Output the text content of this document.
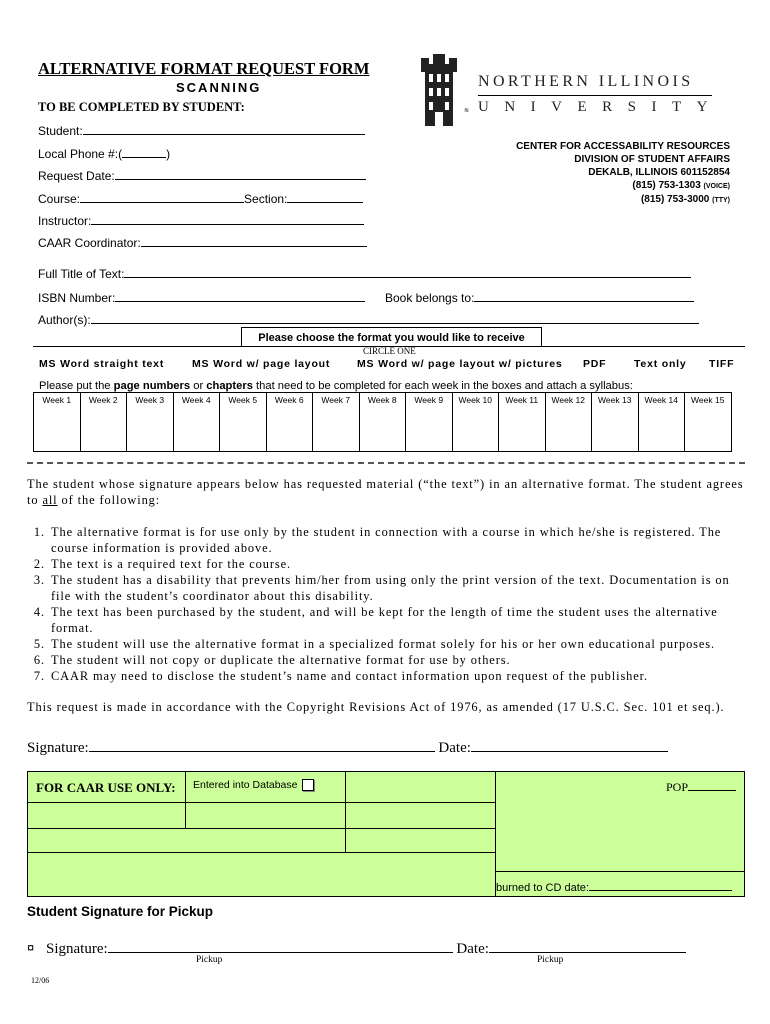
ALTERNATIVE FORMAT REQUEST FORM
SCANNING
TO BE COMPLETED BY STUDENT:	≋
NORTHERN ILLINOIS
UNIVERSITY
Student:
Local Phone #:(	)
Request Date:
Course:	Section:
Instructor:
CAAR Coordinator:
CENTER FOR ACCESSABILITY RESOURCES
DIVISION OF STUDENT AFFAIRS
DEKALB, ILLINOIS 601152854
(815) 753-1303 (VOICE)
(815) 753-3000 (TTY)
Full Title of Text:
ISBN Number:	Book belongs to:
Author(s):
Please choose the format you would like to receive
CIRCLE ONE
MS Word straight text	MS Word w/ page layout	MS Word w/ page layout w/ pictures PDF	Text only TIFF
Please put the page numbers or chapters that need to be completed for each week in the boxes and attach a syllabus:
Week 1	Week 2	Week 3	Week 4	Week 5	Week 6	Week 7	Week 8	Week 9	Week 10	Week 11	Week 12	Week 13	Week 14	Week 15
The student whose signature appears below has requested material (“the text”) in an alternative format. The student agrees to all of the following:
1. The alternative format is for use only by the student in connection with a course in which he/she is registered. The course information is provided above.
2. The text is a required text for the course.
3. The student has a disability that prevents him/her from using only the print version of the text. Documentation is on file with the student’s coordinator about this disability.
4. The text has been purchased by the student, and will be kept for the length of time the student uses the alternative format.
5. The student will use the alternative format in a specialized format solely for his or her own educational purposes.
6. The student will not copy or duplicate the alternative format for use by others.
7. CAAR may need to disclose the student’s name and contact information upon request of the publisher.
This request is made in accordance with the Copyright Revisions Act of 1976, as amended (17 U.S.C. Sec. 101 et seq.).
Signature:	Date:
FOR CAAR USE ONLY: Entered into Database	POP
burned to CD date:
Student Signature for Pickup
¤ Signature:	Date:
Pickup	Pickup
12/06
